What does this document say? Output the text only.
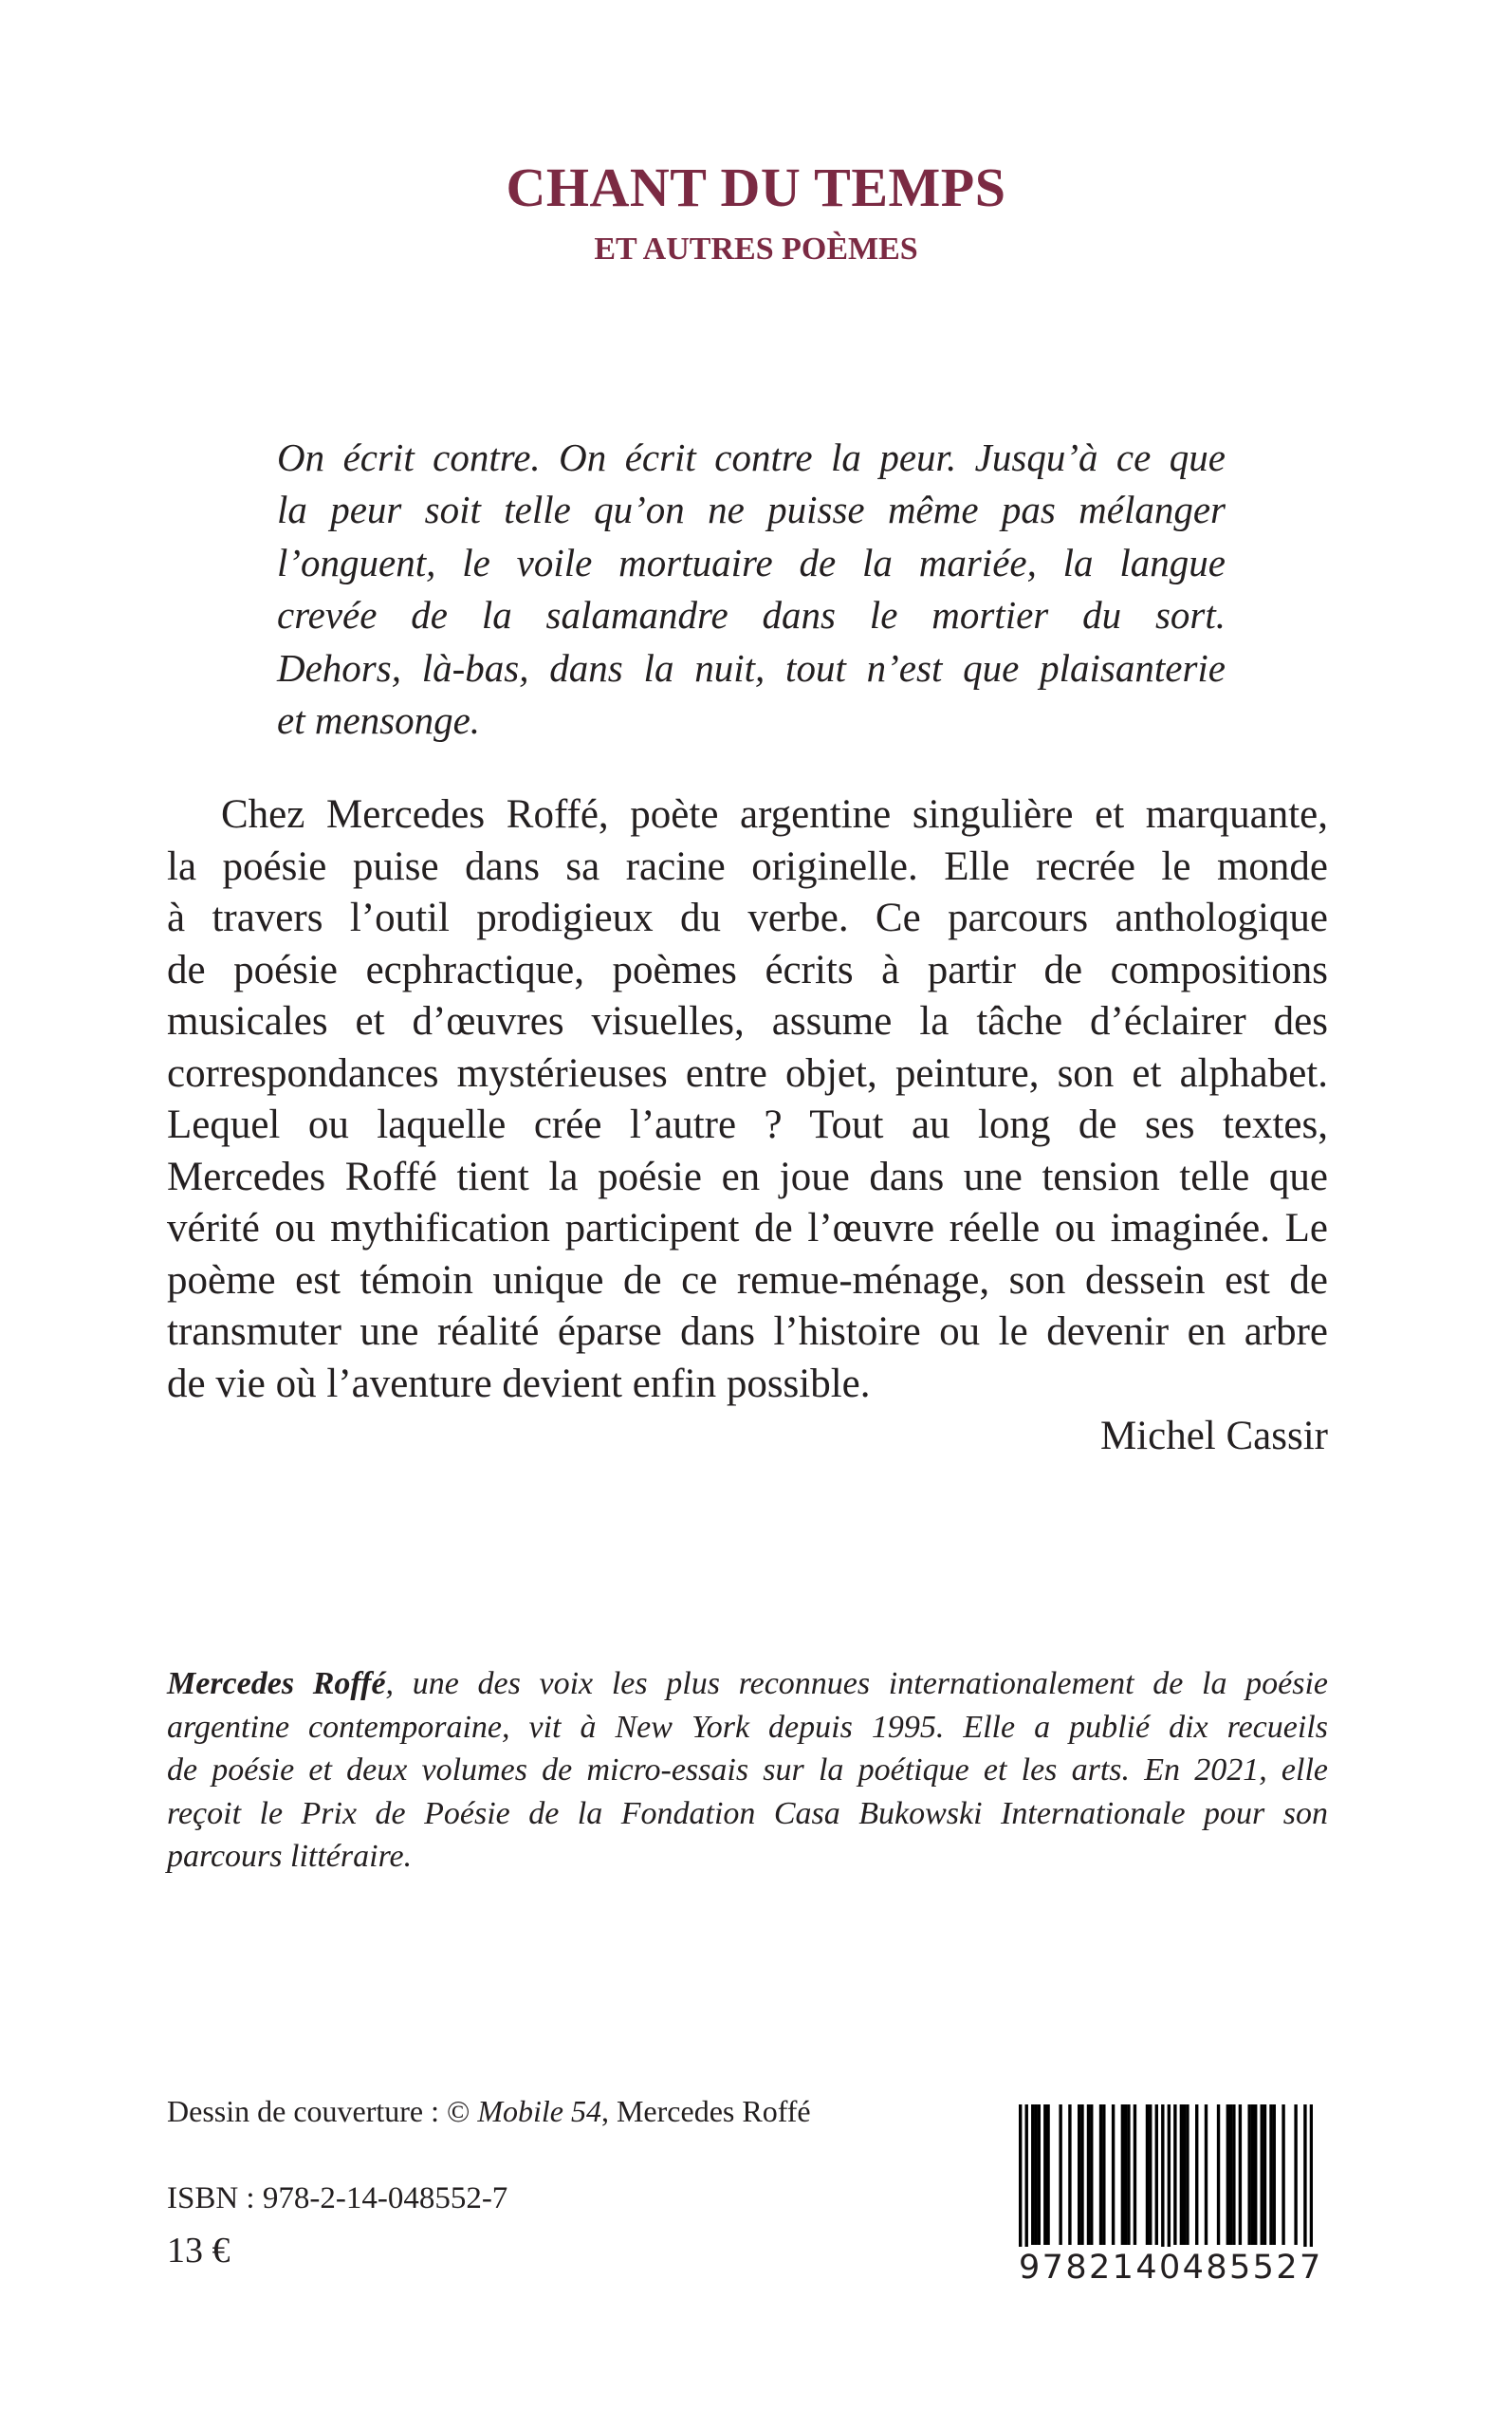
CHANT DU TEMPS
ET AUTRES POÈMES
On écrit contre. On écrit contre la peur. Jusqu’à ce que
la peur soit telle qu’on ne puisse même pas mélanger
l’onguent, le voile mortuaire de la mariée, la langue
crevée de la salamandre dans le mortier du sort.
Dehors, là-bas, dans la nuit, tout n’est que plaisanterie
et mensonge.
Chez Mercedes Roffé, poète argentine singulière et marquante,
la poésie puise dans sa racine originelle. Elle recrée le monde
à travers l’outil prodigieux du verbe. Ce parcours anthologique
de poésie ecphractique, poèmes écrits à partir de compositions
musicales et d’œuvres visuelles, assume la tâche d’éclairer des
correspondances mystérieuses entre objet, peinture, son et alphabet.
Lequel ou laquelle crée l’autre ? Tout au long de ses textes,
Mercedes Roffé tient la poésie en joue dans une tension telle que
vérité ou mythification participent de l’œuvre réelle ou imaginée. Le
poème est témoin unique de ce remue-ménage, son dessein est de
transmuter une réalité éparse dans l’histoire ou le devenir en arbre
de vie où l’aventure devient enfin possible.
Michel Cassir
Mercedes Roffé, une des voix les plus reconnues internationalement de la poésie
argentine contemporaine, vit à New York depuis 1995. Elle a publié dix recueils
de poésie et deux volumes de micro-essais sur la poétique et les arts. En 2021, elle
reçoit le Prix de Poésie de la Fondation Casa Bukowski Internationale pour son
parcours littéraire.
Dessin de couverture : © Mobile 54, Mercedes Roffé
ISBN : 978-2-14-048552-7
13 €	9782140485527
